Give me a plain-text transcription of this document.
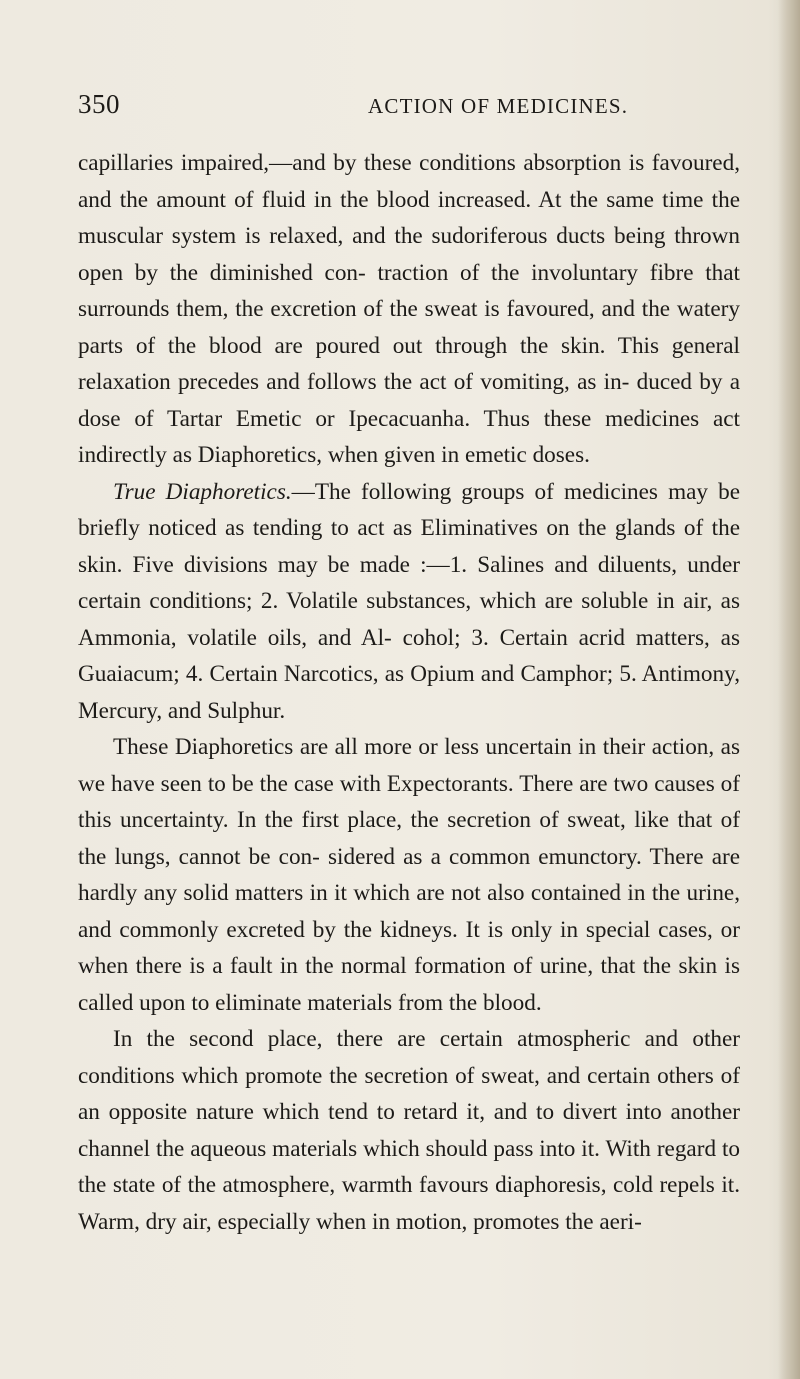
350	ACTION OF MEDICINES.

capillaries impaired,—and by these conditions absorption is favoured, and the amount of fluid in the blood increased. At the same time the muscular system is relaxed, and the sudoriferous ducts being thrown open by the diminished con- traction of the involuntary fibre that surrounds them, the excretion of the sweat is favoured, and the watery parts of the blood are poured out through the skin. This general relaxation precedes and follows the act of vomiting, as in- duced by a dose of Tartar Emetic or Ipecacuanha. Thus these medicines act indirectly as Diaphoretics, when given in emetic doses.

True Diaphoretics.—The following groups of medicines may be briefly noticed as tending to act as Eliminatives on the glands of the skin. Five divisions may be made :—1. Salines and diluents, under certain conditions; 2. Volatile substances, which are soluble in air, as Ammonia, volatile oils, and Al- cohol; 3. Certain acrid matters, as Guaiacum; 4. Certain Narcotics, as Opium and Camphor; 5. Antimony, Mercury, and Sulphur.

These Diaphoretics are all more or less uncertain in their action, as we have seen to be the case with Expectorants. There are two causes of this uncertainty. In the first place, the secretion of sweat, like that of the lungs, cannot be con- sidered as a common emunctory. There are hardly any solid matters in it which are not also contained in the urine, and commonly excreted by the kidneys. It is only in special cases, or when there is a fault in the normal formation of urine, that the skin is called upon to eliminate materials from the blood.

In the second place, there are certain atmospheric and other conditions which promote the secretion of sweat, and certain others of an opposite nature which tend to retard it, and to divert into another channel the aqueous materials which should pass into it. With regard to the state of the atmosphere, warmth favours diaphoresis, cold repels it. Warm, dry air, especially when in motion, promotes the aeri-
